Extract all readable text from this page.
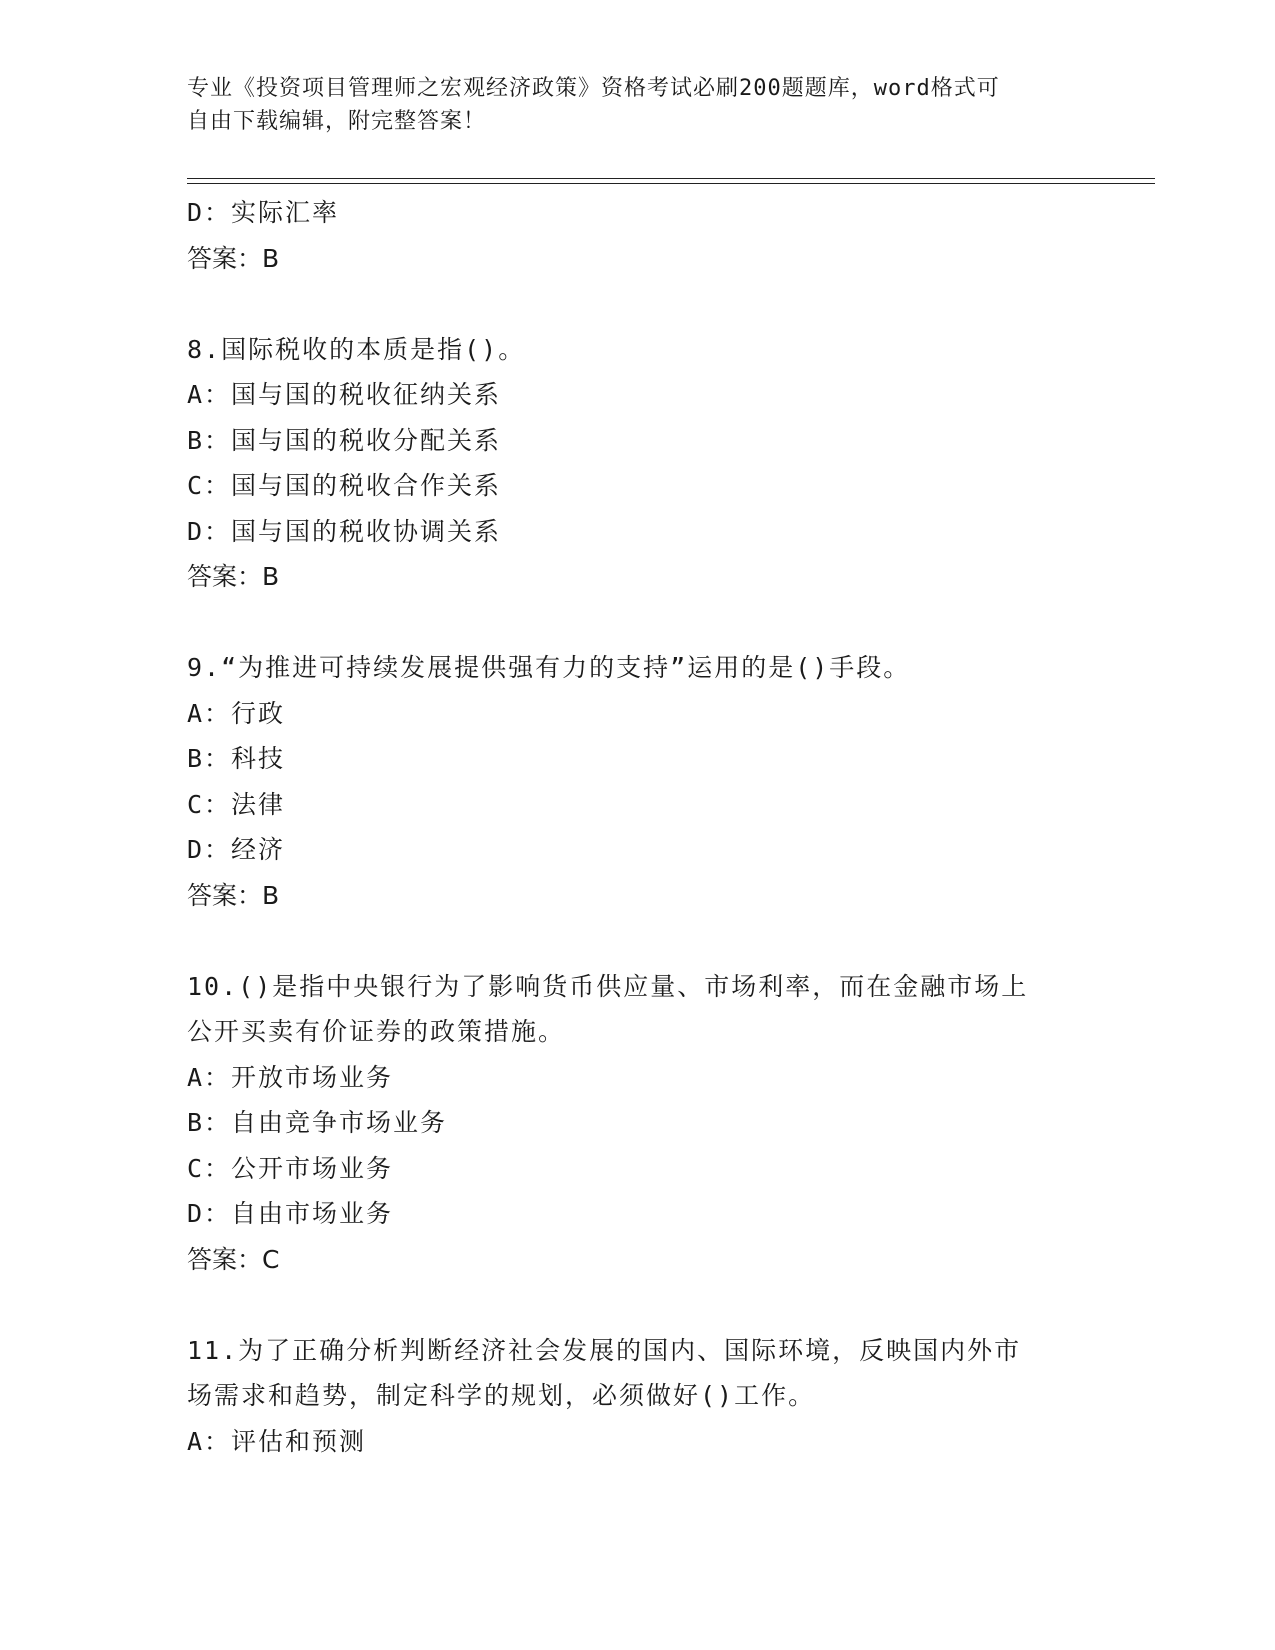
专业《投资项目管理师之宏观经济政策》资格考试必刷200题题库，word格式可
自由下载编辑，附完整答案！
D：实际汇率
答案：B
8.国际税收的本质是指()。
A：国与国的税收征纳关系
B：国与国的税收分配关系
C：国与国的税收合作关系
D：国与国的税收协调关系
答案：B
9.“为推进可持续发展提供强有力的支持”运用的是()手段。
A：行政
B：科技
C：法律
D：经济
答案：B
10.()是指中央银行为了影响货币供应量、市场利率，而在金融市场上
公开买卖有价证券的政策措施。
A：开放市场业务
B：自由竞争市场业务
C：公开市场业务
D：自由市场业务
答案：C
11.为了正确分析判断经济社会发展的国内、国际环境，反映国内外市
场需求和趋势，制定科学的规划，必须做好()工作。
A：评估和预测
